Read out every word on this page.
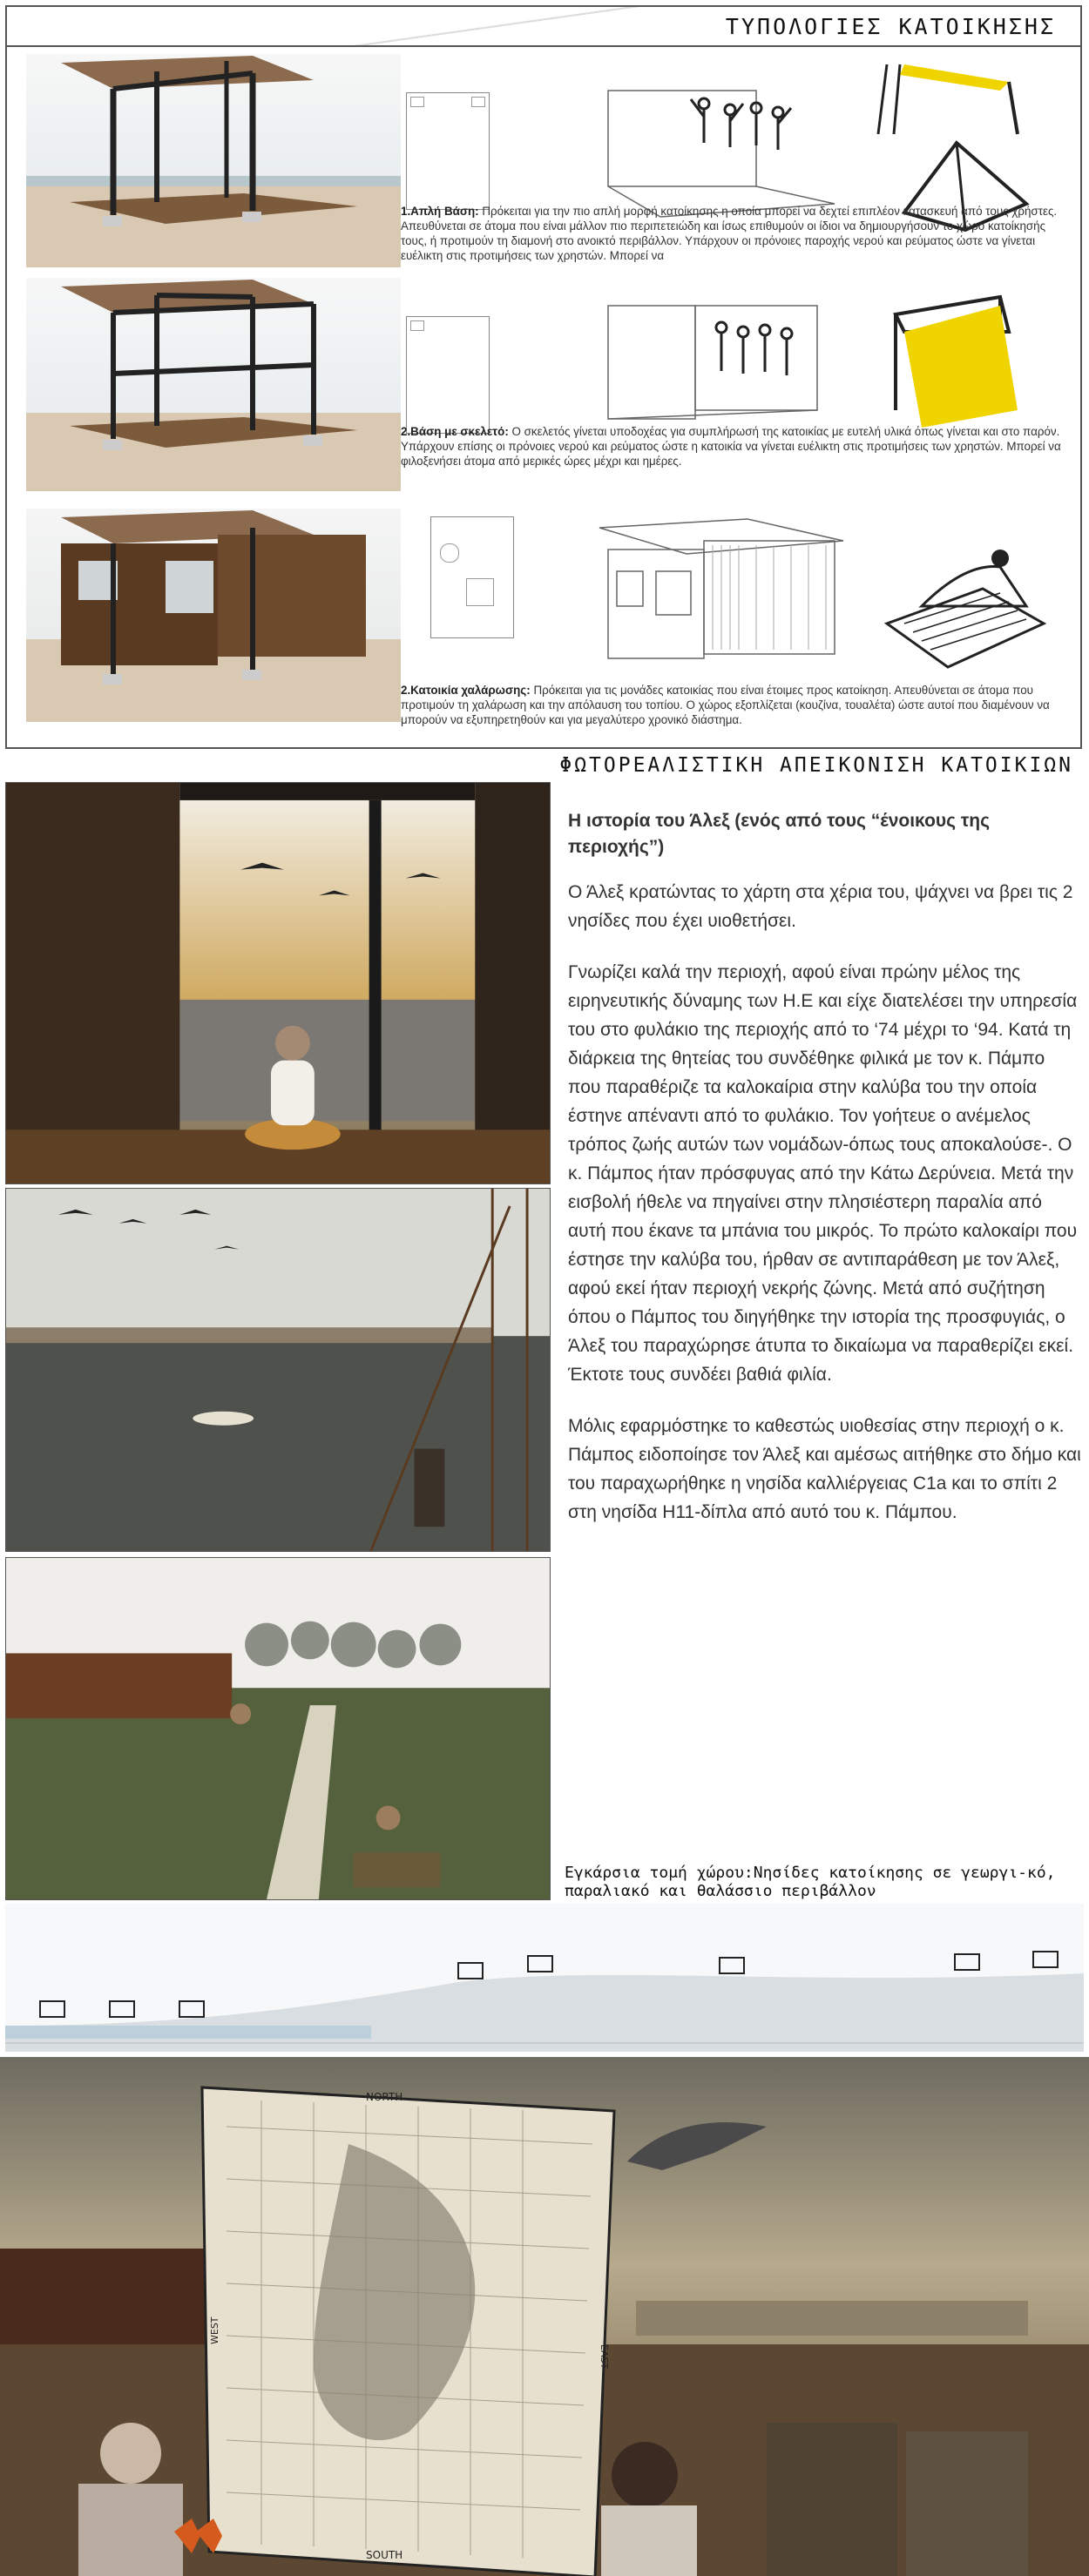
ΤΥΠΟΛΟΓΙΕΣ ΚΑΤΟΙΚΗΣΗΣ
1.Απλή Βάση: Πρόκειται για την πιο απλή μορφή κατοίκησης η οποία μπορεί να δεχτεί επιπλέον κατασκευή από τους χρήστες. Απευθύνεται σε άτομα που είναι μάλλον πιο περιπετειώδη και ίσως επιθυμούν οι ίδιοι να δημιουργήσουν το χώρο κατοίκησής τους, ή προτιμούν τη διαμονή στο ανοικτό περιβάλλον. Υπάρχουν οι πρόνοιες παροχής νερού και ρεύματος ώστε να γίνεται ευέλικτη στις προτιμήσεις των χρηστών. Μπορεί να
2.Βάση με σκελετό: Ο σκελετός γίνεται υποδοχέας για συμπλήρωσή της κατοικίας με ευτελή υλικά όπως γίνεται και στο παρόν. Υπάρχουν επίσης οι πρόνοιες νερού και ρεύματος ώστε η κατοικία να γίνεται ευέλικτη στις προτιμήσεις των χρηστών. Μπορεί να φιλοξενήσει άτομα από μερικές ώρες μέχρι και ημέρες.
2.Κατοικία χαλάρωσης: Πρόκειται για τις μονάδες κατοικίας που είναι έτοιμες προς κατοίκηση. Απευθύνεται σε άτομα που προτιμούν τη χαλάρωση και την απόλαυση του τοπίου. Ο χώρος εξοπλίζεται (κουζίνα, τουαλέτα) ώστε αυτοί που διαμένουν να μπορούν να εξυπηρετηθούν και για μεγαλύτερο χρονικό διάστημα.
ΦΩΤΟΡΕΑΛΙΣΤΙΚΗ ΑΠΕΙΚΟΝΙΣΗ ΚΑΤΟΙΚΙΩΝ
Η ιστορία του Άλεξ (ενός από τους “ένοικους της περιοχής”)

Ο Άλεξ κρατώντας το χάρτη στα χέρια του, ψάχνει να βρει τις 2 νησίδες που έχει υιοθετήσει.

Γνωρίζει καλά την περιοχή, αφού είναι πρώην μέλος της ειρηνευτικής δύναμης των Η.Ε και είχε διατελέσει την υπηρεσία του στο φυλάκιο της περιοχής από το ‘74 μέχρι το ‘94. Κατά τη διάρκεια της θητείας του συνδέθηκε φιλικά με τον κ. Πάμπο που παραθέριζε τα καλοκαίρια στην καλύβα του την οποία έστηνε απέναντι από το φυλάκιο. Τον γοήτευε ο ανέμελος τρόπος ζωής αυτών των νομάδων-όπως τους αποκαλούσε-. Ο κ. Πάμπος ήταν πρόσφυγας από την Κάτω Δερύνεια. Μετά την εισβολή ήθελε να πηγαίνει στην πλησιέστερη παραλία από αυτή που έκανε τα μπάνια του μικρός. Το πρώτο καλοκαίρι που έστησε την καλύβα του, ήρθαν σε αντιπαράθεση με τον Άλεξ, αφού εκεί ήταν περιοχή νεκρής ζώνης. Μετά από συζήτηση όπου ο Πάμπος του διηγήθηκε την ιστορία της προσφυγιάς, ο Άλεξ του παραχώρησε άτυπα το δικαίωμα να παραθερίζει εκεί. Έκτοτε τους συνδέει βαθιά φιλία.

Μόλις εφαρμόστηκε το καθεστώς υιοθεσίας στην περιοχή ο κ. Πάμπος ειδοποίησε τον Άλεξ και αμέσως αιτήθηκε στο δήμο και του παραχωρήθηκε η νησίδα καλλιέργειας C1a και το σπίτι 2 στη νησίδα Η11-δίπλα από αυτό του κ. Πάμπου.

Εγκάρσια τομή χώρου:Νησίδες κατοίκησης σε γεωργι-κό, παραλιακό και θαλάσσιο περιβάλλον
NORTH
SOUTH
WEST
EAST
